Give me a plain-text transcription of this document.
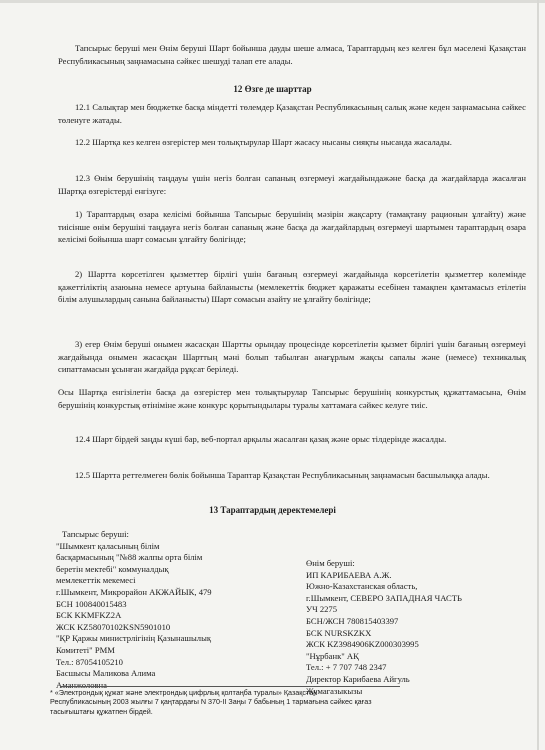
Тапсырыс беруші мен Өнім беруші Шарт бойынша дауды шеше алмаса, Тараптардың кез келген бұл мәселені Қазақстан Республикасының заңнамасына сәйкес шешуді талап ете алады.

12 Өзге де шарттар

12.1 Салықтар мен бюджетке басқа міндетті төлемдер Қазақстан Республикасының салық және кеден заңнамасына сәйкес төленуге жатады.

12.2 Шартқа кез келген өзгерістер мен толықтырулар Шарт жасасу нысаны сияқты нысанда жасалады.

12.3 Өнім берушінің таңдауы үшін негіз болған сапаның өзгермеуі жағдайындажәне басқа да жағдайларда жасалған Шартқа өзгерістерді енгізуге:

1) Тараптардың өзара келісімі бойынша Тапсырыс берушінің мәзірін жақсарту (тамақтану рационын ұлғайту) және тиісінше өнім берушіні таңдауға негіз болған сапаның және басқа да жағдайлардың өзгермеуі шартымен тараптардың өзара келісімі бойынша шарт сомасын ұлғайту бөлігінде;

2) Шартта көрсетілген қызметтер бірлігі үшін бағаның өзгермеуі жағдайында көрсетілетін қызметтер көлемінде қажеттіліктің азаюына немесе артуына байланысты (мемлекеттік бюджет қаражаты есебінен тамақпен қамтамасыз етілетін білім алушылардың санына байланысты) Шарт сомасын азайту не ұлғайту бөлігінде;

3) егер Өнім беруші онымен жасасқан Шартты орындау процесінде көрсетілетін қызмет бірлігі үшін бағаның өзгермеуі жағдайында онымен жасасқан Шарттың мәні болып табылған анағұрлым жақсы сапалы және (немесе) техникалық сипаттамасын ұсынған жағдайда рұқсат беріледі.

Осы Шартқа енгізілетін басқа да өзгерістер мен толықтырулар Тапсырыс берушінің конкурстық құжаттамасына, Өнім берушінің конкурстық өтініміне және конкурс қорытындылары туралы хаттамаға сәйкес келуге тиіс.

12.4 Шарт бірдей заңды күші бар, веб-портал арқылы жасалған қазақ және орыс тілдерінде жасалды.

12.5 Шартта реттелмеген бөлік бойынша Тараптар Қазақстан Республикасының заңнамасын басшылыққа алады.

13 Тараптардың деректемелері
Тапсырыс беруші:
"Шымкент қаласының білім
басқармасының "№88 жалпы орта білім
беретін мектебі" коммуналдық
мемлекеттік мекемесі
г.Шымкент, Микрорайон АКЖАЙЫК, 479
БСН 100840015483
БСК KKMFKZ2A
ЖСК KZ58070102KSN5901010
"ҚР Қаржы министрлігінің Қазынашылық
Комитеті" РММ
Тел.: 87054105210
Басшысы Маликова Алима
Аманжоловна
Өнім беруші:
ИП КАРИБАЕВА А.Ж.
Южно-Казахстанская область,
г.Шымкент, СЕВЕРО ЗАПАДНАЯ ЧАСТЬ
УЧ 2275
БСН/ЖСН 780815403397
БСК NURSKZKX
ЖСК KZ3984906KZ000303995
"Нұрбанк" АҚ
Тел.: + 7 707 748 2347
Директор Карибаева Айгуль
Жумагазыкызы
* «Электрондық құжат және электрондық цифрлық қолтаңба туралы» Қазақстан
Республикасының 2003 жылғы 7 қаңтардағы N 370-II Заңы 7 бабының 1 тармағына сәйкес қағаз
тасығыштағы құжатпен бірдей.
